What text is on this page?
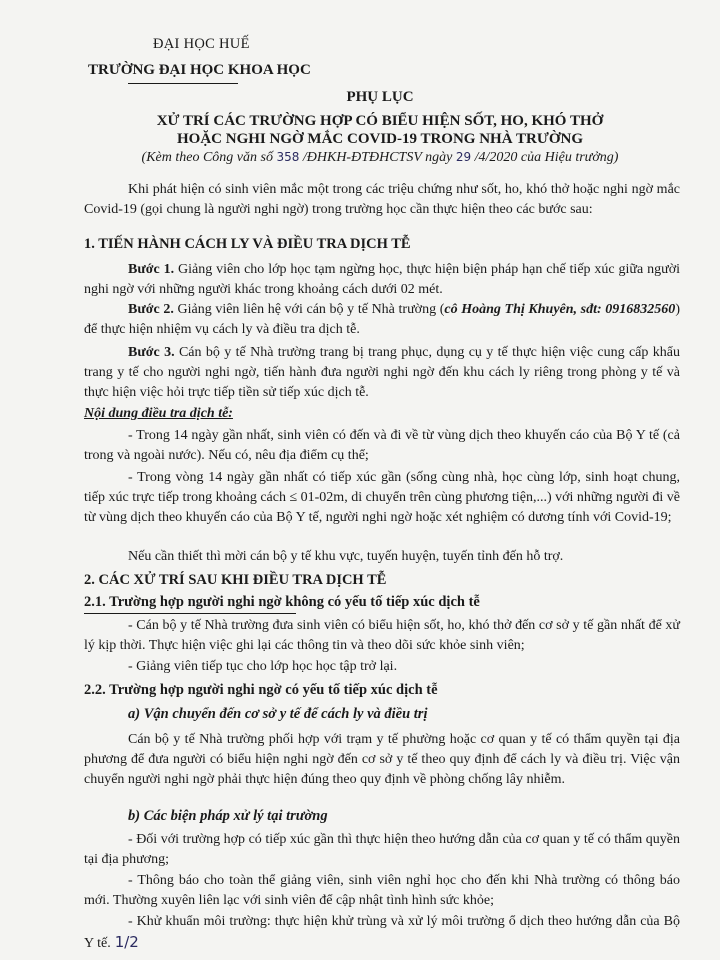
ĐẠI HỌC HUẾ
TRƯỜNG ĐẠI HỌC KHOA HỌC
PHỤ LỤC
XỬ TRÍ CÁC TRƯỜNG HỢP CÓ BIỂU HIỆN SỐT, HO, KHÓ THỞ
HOẶC NGHI NGỜ MẮC COVID-19 TRONG NHÀ TRƯỜNG
(Kèm theo Công văn số 358 /ĐHKH-ĐTĐHCTSV ngày 29 /4/2020 của Hiệu trưởng)
Khi phát hiện có sinh viên mắc một trong các triệu chứng như sốt, ho, khó thở hoặc nghi ngờ mắc Covid-19 (gọi chung là người nghi ngờ) trong trường học cần thực hiện theo các bước sau:
1. TIẾN HÀNH CÁCH LY VÀ ĐIỀU TRA DỊCH TỄ
Bước 1. Giảng viên cho lớp học tạm ngừng học, thực hiện biện pháp hạn chế tiếp xúc giữa người nghi ngờ với những người khác trong khoảng cách dưới 02 mét.
Bước 2. Giảng viên liên hệ với cán bộ y tế Nhà trường (cô Hoàng Thị Khuyên, sđt: 0916832560) để thực hiện nhiệm vụ cách ly và điều tra dịch tễ.
Bước 3. Cán bộ y tế Nhà trường trang bị trang phục, dụng cụ y tế thực hiện việc cung cấp khẩu trang y tế cho người nghi ngờ, tiến hành đưa người nghi ngờ đến khu cách ly riêng trong phòng y tế và thực hiện việc hỏi trực tiếp tiền sử tiếp xúc dịch tễ.
Nội dung điều tra dịch tễ:
- Trong 14 ngày gần nhất, sinh viên có đến và đi về từ vùng dịch theo khuyến cáo của Bộ Y tế (cả trong và ngoài nước). Nếu có, nêu địa điểm cụ thể;
- Trong vòng 14 ngày gần nhất có tiếp xúc gần (sống cùng nhà, học cùng lớp, sinh hoạt chung, tiếp xúc trực tiếp trong khoảng cách ≤ 01-02m, di chuyển trên cùng phương tiện,...) với những người đi về từ vùng dịch theo khuyến cáo của Bộ Y tế, người nghi ngờ hoặc xét nghiệm có dương tính với Covid-19;
Nếu cần thiết thì mời cán bộ y tế khu vực, tuyến huyện, tuyến tỉnh đến hỗ trợ.
2. CÁC XỬ TRÍ SAU KHI ĐIỀU TRA DỊCH TỄ
2.1. Trường hợp người nghi ngờ không có yếu tố tiếp xúc dịch tễ
- Cán bộ y tế Nhà trường đưa sinh viên có biểu hiện sốt, ho, khó thở đến cơ sở y tế gần nhất để xử lý kịp thời. Thực hiện việc ghi lại các thông tin và theo dõi sức khỏe sinh viên;
- Giảng viên tiếp tục cho lớp học học tập trở lại.
2.2. Trường hợp người nghi ngờ có yếu tố tiếp xúc dịch tễ
a) Vận chuyển đến cơ sở y tế để cách ly và điều trị
Cán bộ y tế Nhà trường phối hợp với trạm y tế phường hoặc cơ quan y tế có thẩm quyền tại địa phương để đưa người có biểu hiện nghi ngờ đến cơ sở y tế theo quy định để cách ly và điều trị. Việc vận chuyển người nghi ngờ phải thực hiện đúng theo quy định về phòng chống lây nhiễm.
b) Các biện pháp xử lý tại trường
- Đối với trường hợp có tiếp xúc gần thì thực hiện theo hướng dẫn của cơ quan y tế có thẩm quyền tại địa phương;
- Thông báo cho toàn thể giảng viên, sinh viên nghỉ học cho đến khi Nhà trường có thông báo mới. Thường xuyên liên lạc với sinh viên để cập nhật tình hình sức khỏe;
- Khử khuẩn môi trường: thực hiện khử trùng và xử lý môi trường ổ dịch theo hướng dẫn của Bộ Y tế. 1/2
